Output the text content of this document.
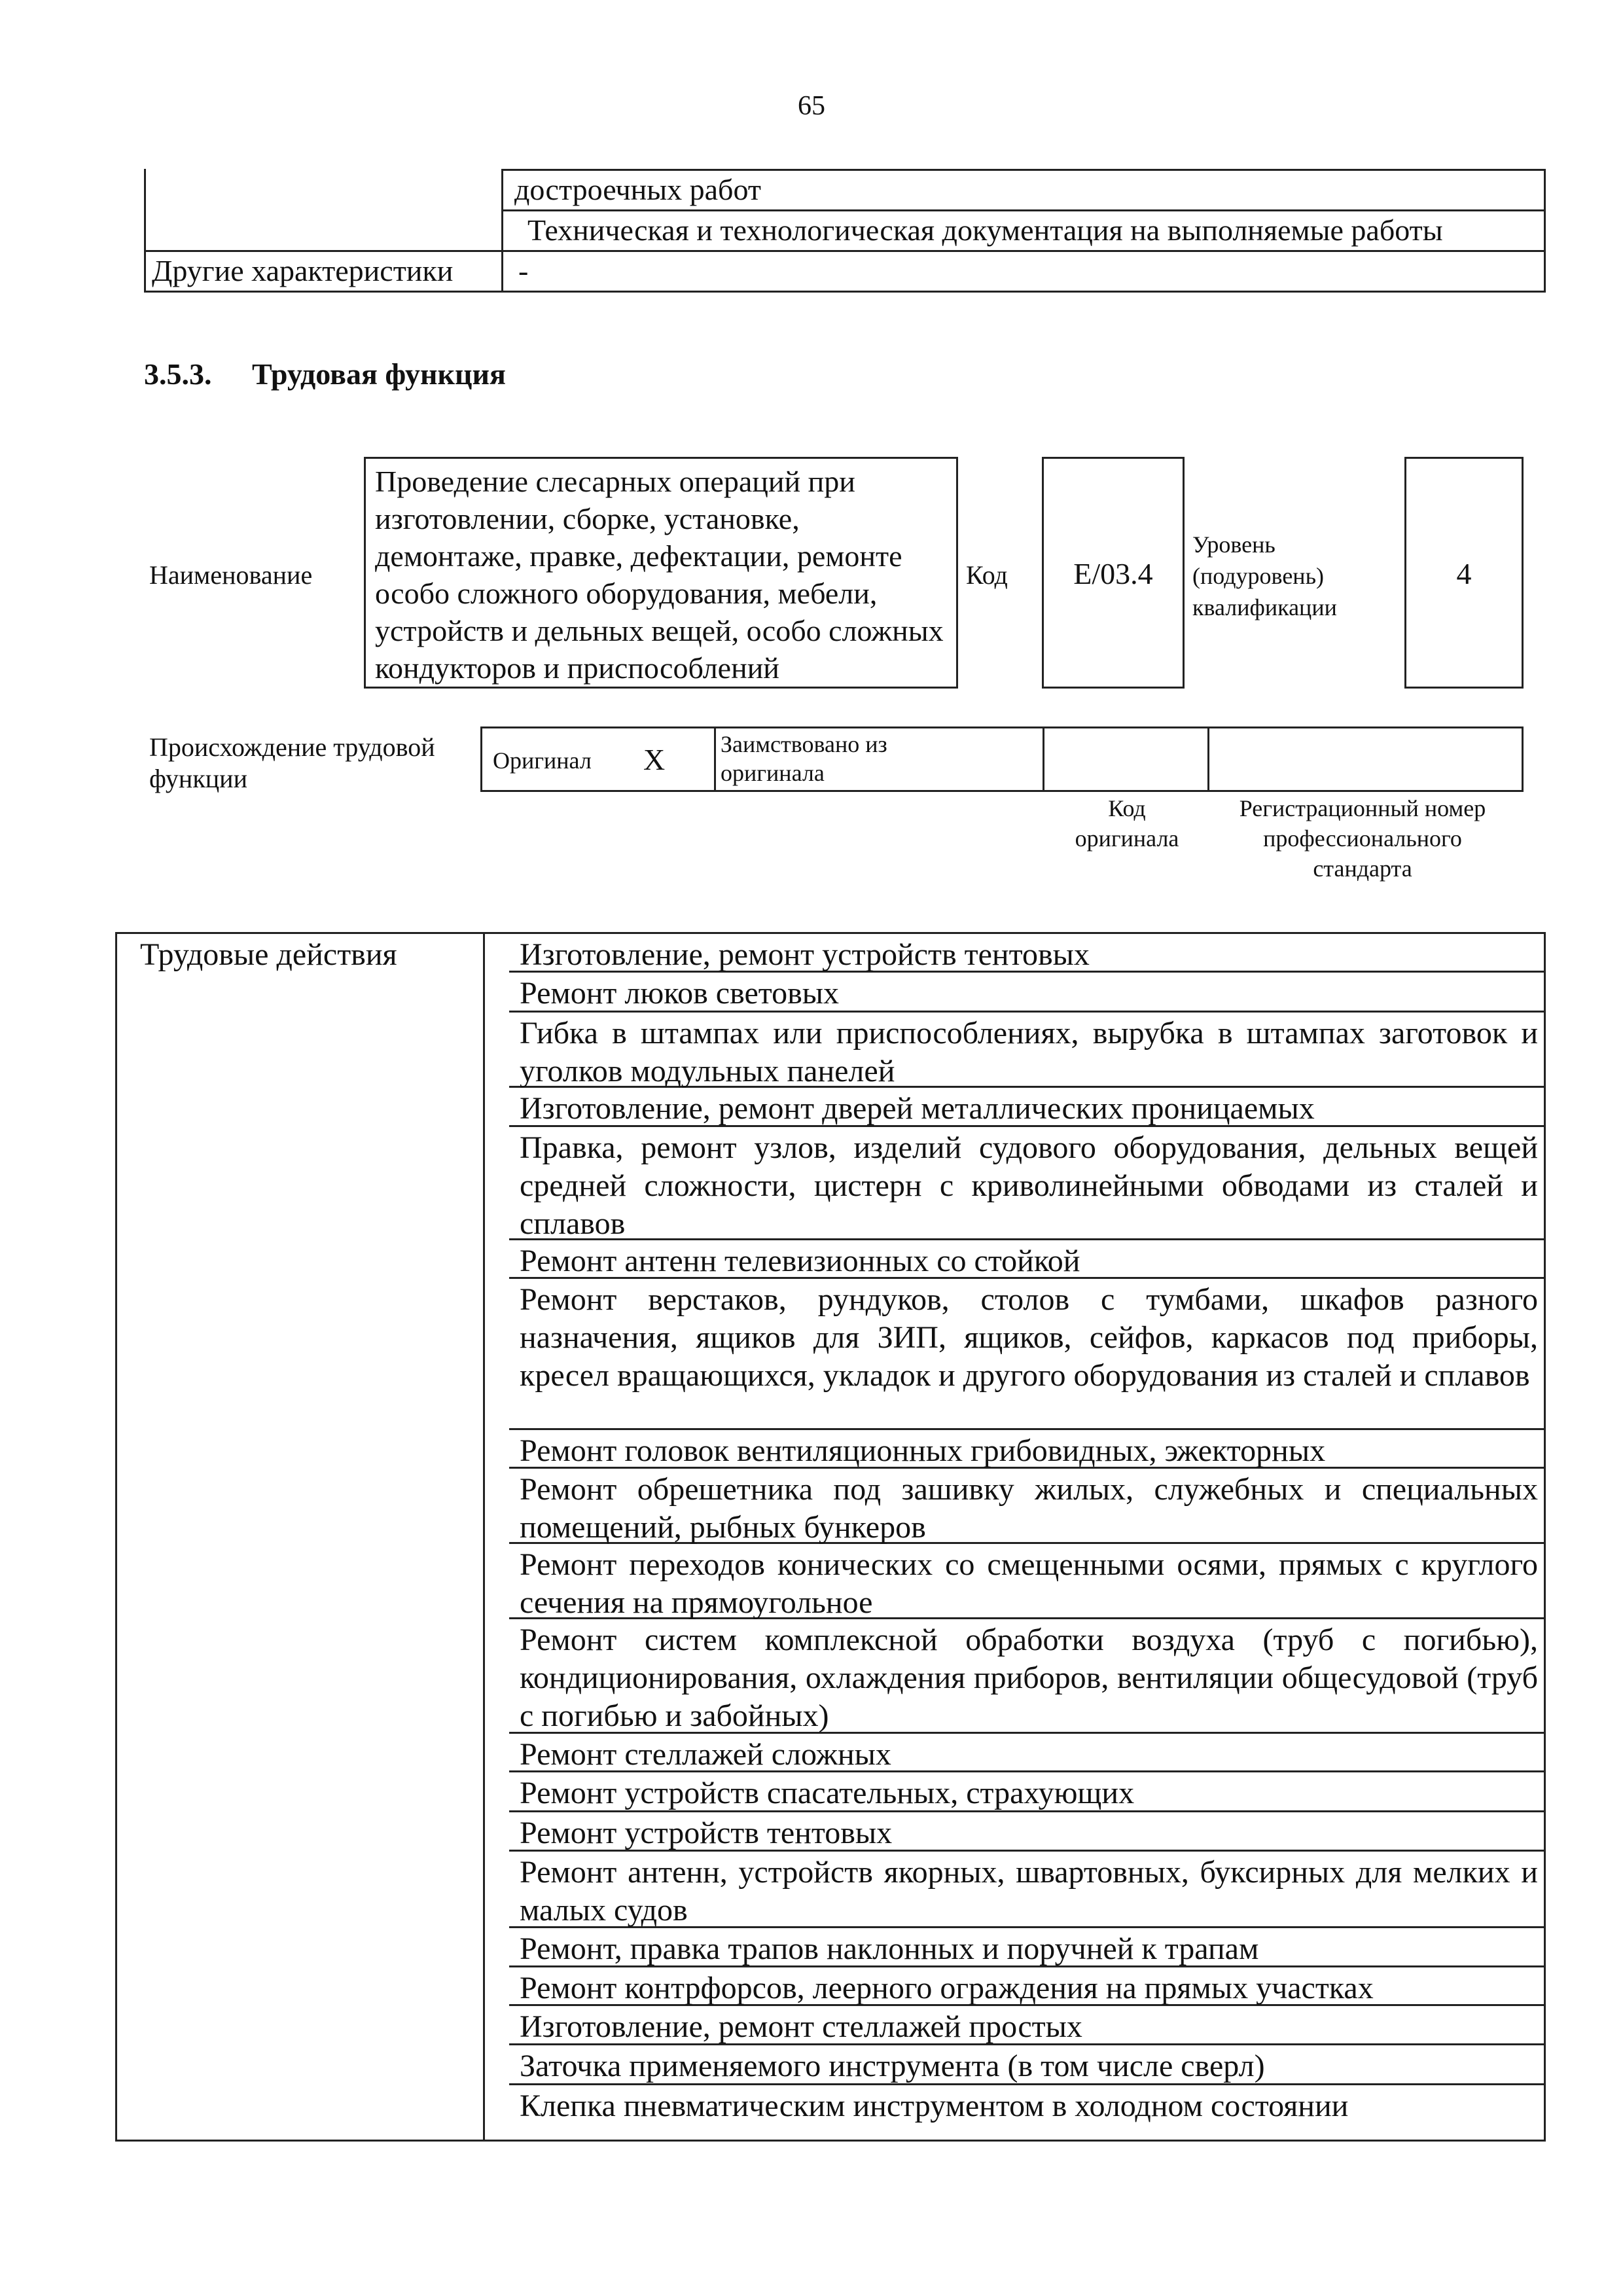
65
достроечных работ
Техническая и технологическая документация на выполняемые работы
Другие характеристики -
3.5.3. Трудовая функция
Наименование
Проведение слесарных операций при изготовлении, сборке, установке, демонтаже, правке, дефектации, ремонте особо сложного оборудования, мебели, устройств и дельных вещей, особо сложных кондукторов и приспособлений
Код	E/03.4
Уровень (подуровень) квалификации
4
Происхождение трудовой функции
Оригинал X Заимствовано из оригинала
Код оригинала
Регистрационный номер профессионального стандарта
Трудовые действия	Изготовление, ремонт устройств тентовых
Ремонт люков световых
Гибка в штампах или приспособлениях, вырубка в штампах заготовок и уголков модульных панелей
Изготовление, ремонт дверей металлических проницаемых
Правка, ремонт узлов, изделий судового оборудования, дельных вещей средней сложности, цистерн с криволинейными обводами из сталей и сплавов
Ремонт антенн телевизионных со стойкой
Ремонт верстаков, рундуков, столов с тумбами, шкафов разного назначения, ящиков для ЗИП, ящиков, сейфов, каркасов под приборы, кресел вращающихся, укладок и другого оборудования из сталей и сплавов
Ремонт головок вентиляционных грибовидных, эжекторных
Ремонт обрешетника под зашивку жилых, служебных и специальных помещений, рыбных бункеров
Ремонт переходов конических со смещенными осями, прямых с круглого сечения на прямоугольное
Ремонт систем комплексной обработки воздуха (труб с погибью), кондиционирования, охлаждения приборов, вентиляции общесудовой (труб с погибью и забойных)
Ремонт стеллажей сложных
Ремонт устройств спасательных, страхующих
Ремонт устройств тентовых
Ремонт антенн, устройств якорных, швартовных, буксирных для мелких и малых судов
Ремонт, правка трапов наклонных и поручней к трапам
Ремонт контрфорсов, леерного ограждения на прямых участках
Изготовление, ремонт стеллажей простых
Заточка применяемого инструмента (в том числе сверл)
Клепка пневматическим инструментом в холодном состоянии
